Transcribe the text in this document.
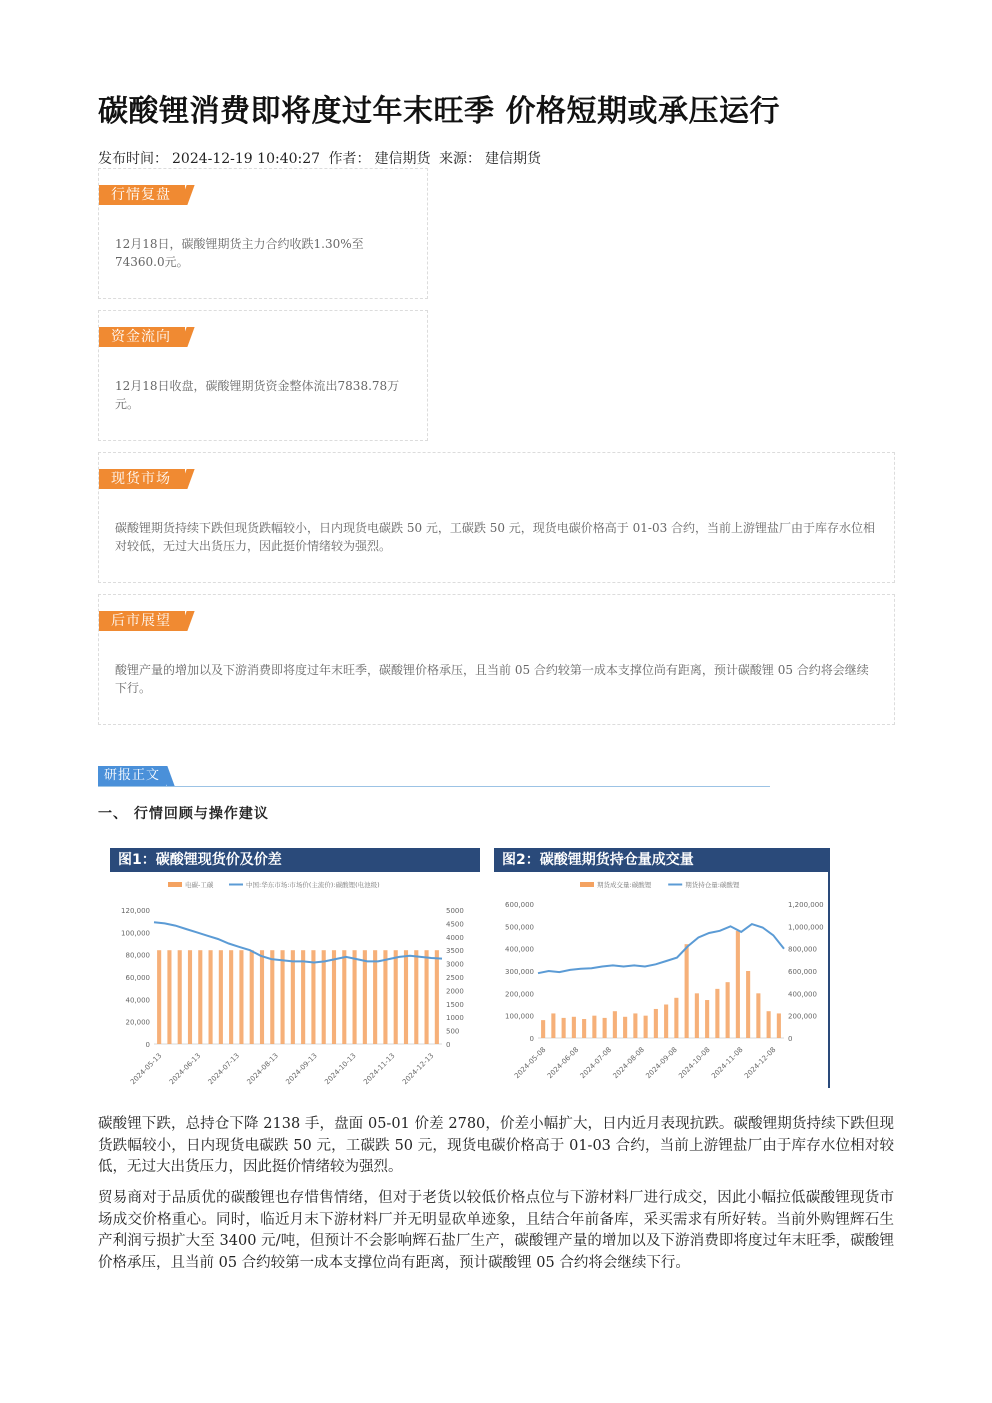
碳酸锂消费即将度过年末旺季 价格短期或承压运行
发布时间： 2024-12-19 10:40:27 作者： 建信期货 来源： 建信期货
行情复盘
12月18日，碳酸锂期货主力合约收跌1.30%至74360.0元。
资金流向
12月18日收盘，碳酸锂期货资金整体流出7838.78万元。
现货市场
碳酸锂期货持续下跌但现货跌幅较小，日内现货电碳跌 50 元，工碳跌 50 元，现货电碳价格高于 01-03 合约，当前上游锂盐厂由于库存水位相对较低，无过大出货压力，因此挺价情绪较为强烈。
后市展望
酸锂产量的增加以及下游消费即将度过年末旺季，碳酸锂价格承压，且当前 05 合约较第一成本支撑位尚有距离，预计碳酸锂 05 合约将会继续下行。
研报正文
一、 行情回顾与操作建议
图1：碳酸锂现货价及价差
电碳-工碳	中国:华东市场:市场价(主流价):碳酸锂(电池级)
120,000
100,000
80,000
60,000
40,000
20,000
0
5000
4500
4000
3500
3000
2500
2000
1500
1000
500
0
2024-05-13 2024-06-13 2024-07-13 2024-08-13 2024-09-13 2024-10-13 2024-11-13 2024-12-13
图2：碳酸锂期货持仓量成交量
期货成交量:碳酸锂	期货持仓量:碳酸锂
600,000
500,000
400,000
300,000
200,000
100,000
0
1,200,000
1,000,000
800,000
600,000
400,000
200,000
0
2024-05-08
2024-06-08
2024-07-08
2024-08-08
2024-09-08
2024-10-08
2024-11-08
2024-12-08
碳酸锂下跌，总持仓下降 2138 手，盘面 05-01 价差 2780，价差小幅扩大，日内近月表现抗跌。碳酸锂期货持续下跌但现货跌幅较小，日内现货电碳跌 50 元，工碳跌 50 元，现货电碳价格高于 01-03 合约，当前上游锂盐厂由于库存水位相对较低，无过大出货压力，因此挺价情绪较为强烈。
贸易商对于品质优的碳酸锂也存惜售情绪，但对于老货以较低价格点位与下游材料厂进行成交，因此小幅拉低碳酸锂现货市场成交价格重心。同时，临近月末下游材料厂并无明显砍单迹象，且结合年前备库，采买需求有所好转。当前外购锂辉石生产利润亏损扩大至 3400 元/吨，但预计不会影响辉石盐厂生产，碳酸锂产量的增加以及下游消费即将度过年末旺季，碳酸锂价格承压，且当前 05 合约较第一成本支撑位尚有距离，预计碳酸锂 05 合约将会继续下行。
